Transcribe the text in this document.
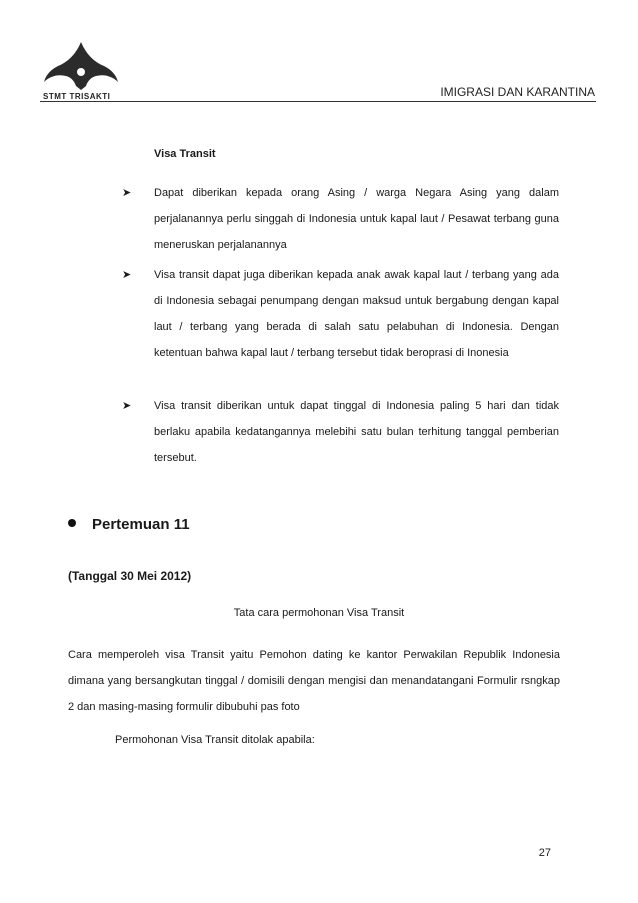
STMT TRISAKTI	IMIGRASI DAN KARANTINA
Visa Transit
➤ Dapat diberikan kepada orang Asing / warga Negara Asing yang dalam perjalanannya perlu singgah di Indonesia untuk kapal laut / Pesawat terbang guna meneruskan perjalanannya
➤ Visa transit dapat juga diberikan kepada anak awak kapal laut / terbang yang ada di Indonesia sebagai penumpang dengan maksud untuk bergabung dengan kapal laut / terbang yang berada di salah satu pelabuhan di Indonesia. Dengan ketentuan bahwa kapal laut / terbang tersebut tidak beroprasi di Inonesia
➤ Visa transit diberikan untuk dapat tinggal di Indonesia paling 5 hari dan tidak berlaku apabila kedatangannya melebihi satu bulan terhitung tanggal pemberian tersebut.
Pertemuan 11
(Tanggal 30 Mei 2012)
Tata cara permohonan Visa Transit
Cara memperoleh visa Transit yaitu Pemohon dating ke kantor Perwakilan Republik Indonesia dimana yang bersangkutan tinggal / domisili dengan mengisi dan menandatangani Formulir rsngkap 2 dan masing-masing formulir dibubuhi pas foto
Permohonan Visa Transit ditolak apabila:
27
